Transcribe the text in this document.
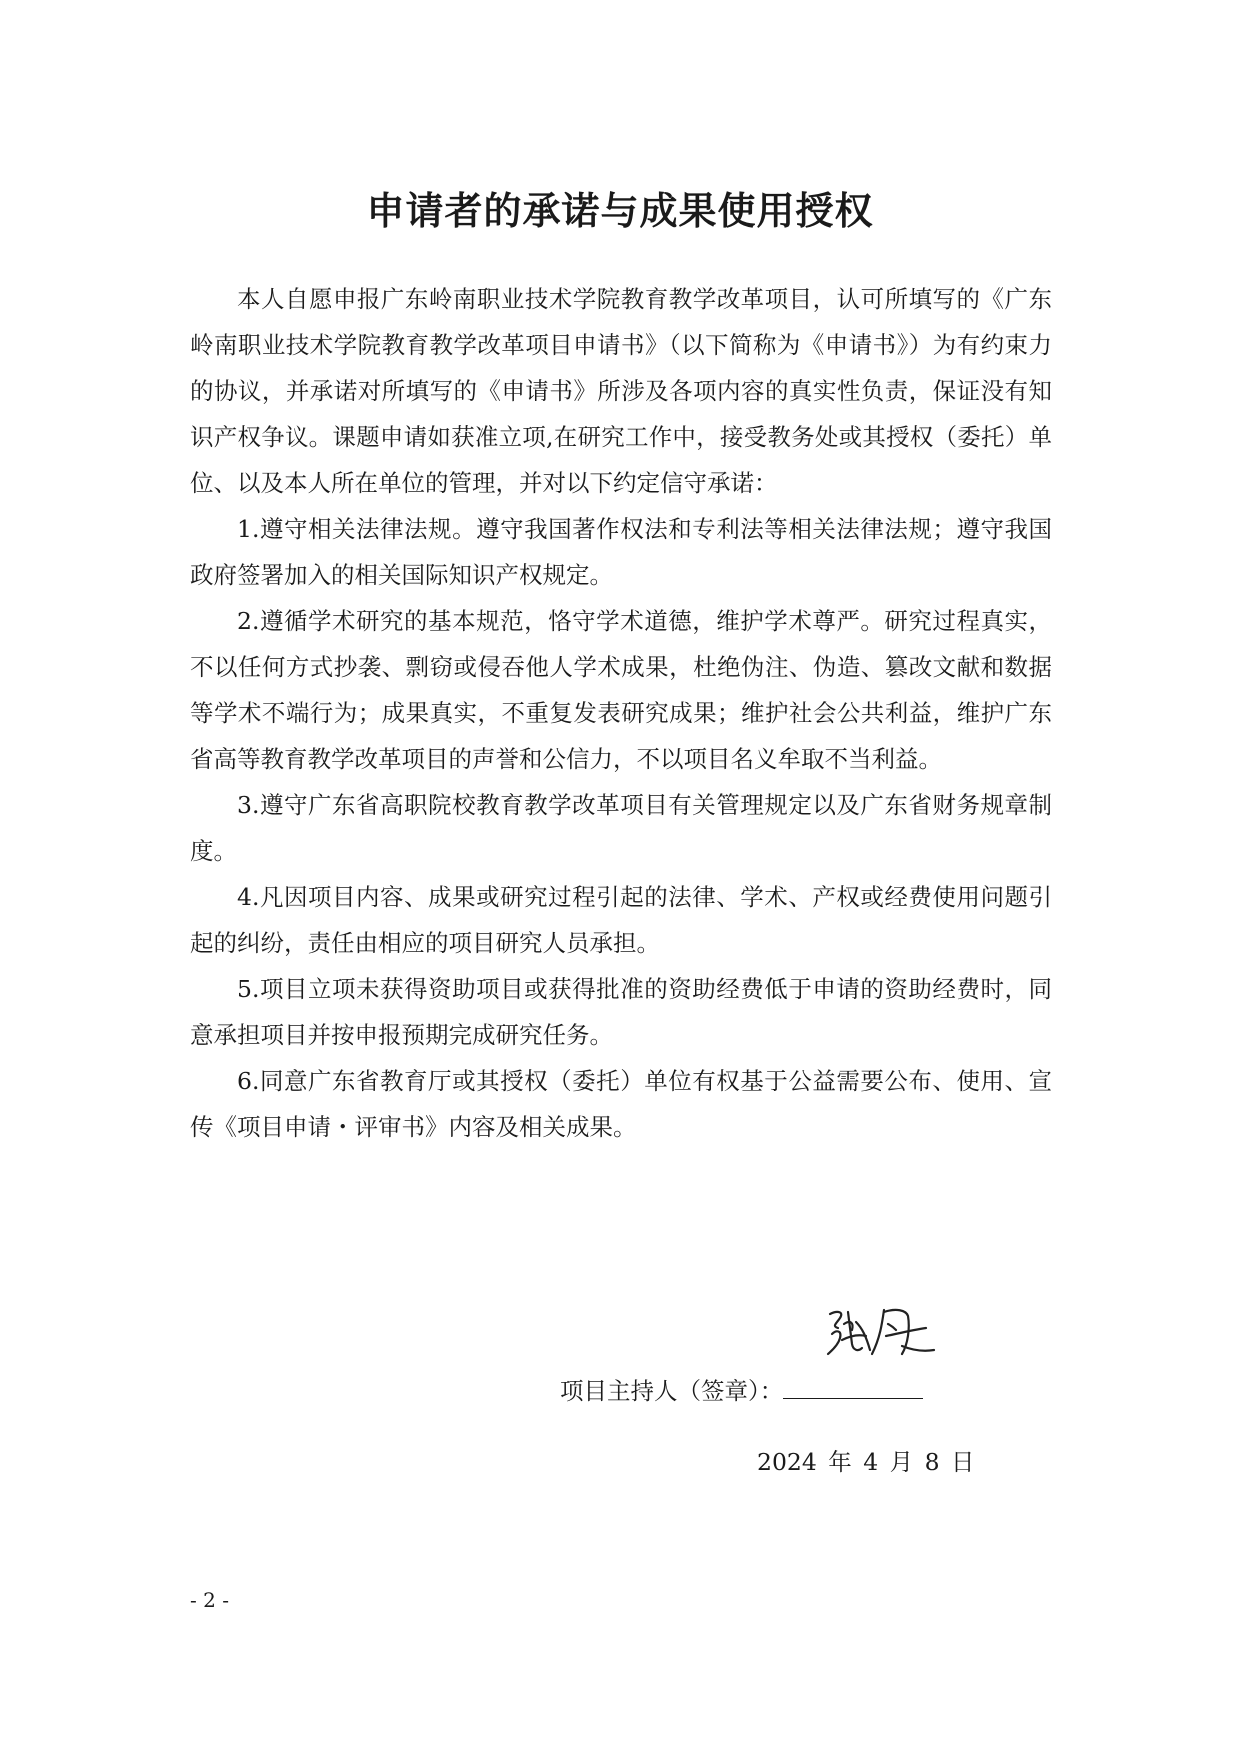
申请者的承诺与成果使用授权

本人自愿申报广东岭南职业技术学院教育教学改革项目，认可所填写的《广东岭南职业技术学院教育教学改革项目申请书》（以下简称为《申请书》）为有约束力的协议，并承诺对所填写的《申请书》所涉及各项内容的真实性负责，保证没有知识产权争议。课题申请如获准立项,在研究工作中，接受教务处或其授权（委托）单位、以及本人所在单位的管理，并对以下约定信守承诺：

1.遵守相关法律法规。遵守我国著作权法和专利法等相关法律法规；遵守我国政府签署加入的相关国际知识产权规定。

2.遵循学术研究的基本规范，恪守学术道德，维护学术尊严。研究过程真实，不以任何方式抄袭、剽窃或侵吞他人学术成果，杜绝伪注、伪造、篡改文献和数据等学术不端行为；成果真实，不重复发表研究成果；维护社会公共利益，维护广东省高等教育教学改革项目的声誉和公信力，不以项目名义牟取不当利益。

3.遵守广东省高职院校教育教学改革项目有关管理规定以及广东省财务规章制度。

4.凡因项目内容、成果或研究过程引起的法律、学术、产权或经费使用问题引起的纠纷，责任由相应的项目研究人员承担。

5.项目立项未获得资助项目或获得批准的资助经费低于申请的资助经费时，同意承担项目并按申报预期完成研究任务。

6.同意广东省教育厅或其授权（委托）单位有权基于公益需要公布、使用、宣传《项目申请・评审书》内容及相关成果。

项目主持人（签章）：
2024 年 4 月 8 日
- 2 -
